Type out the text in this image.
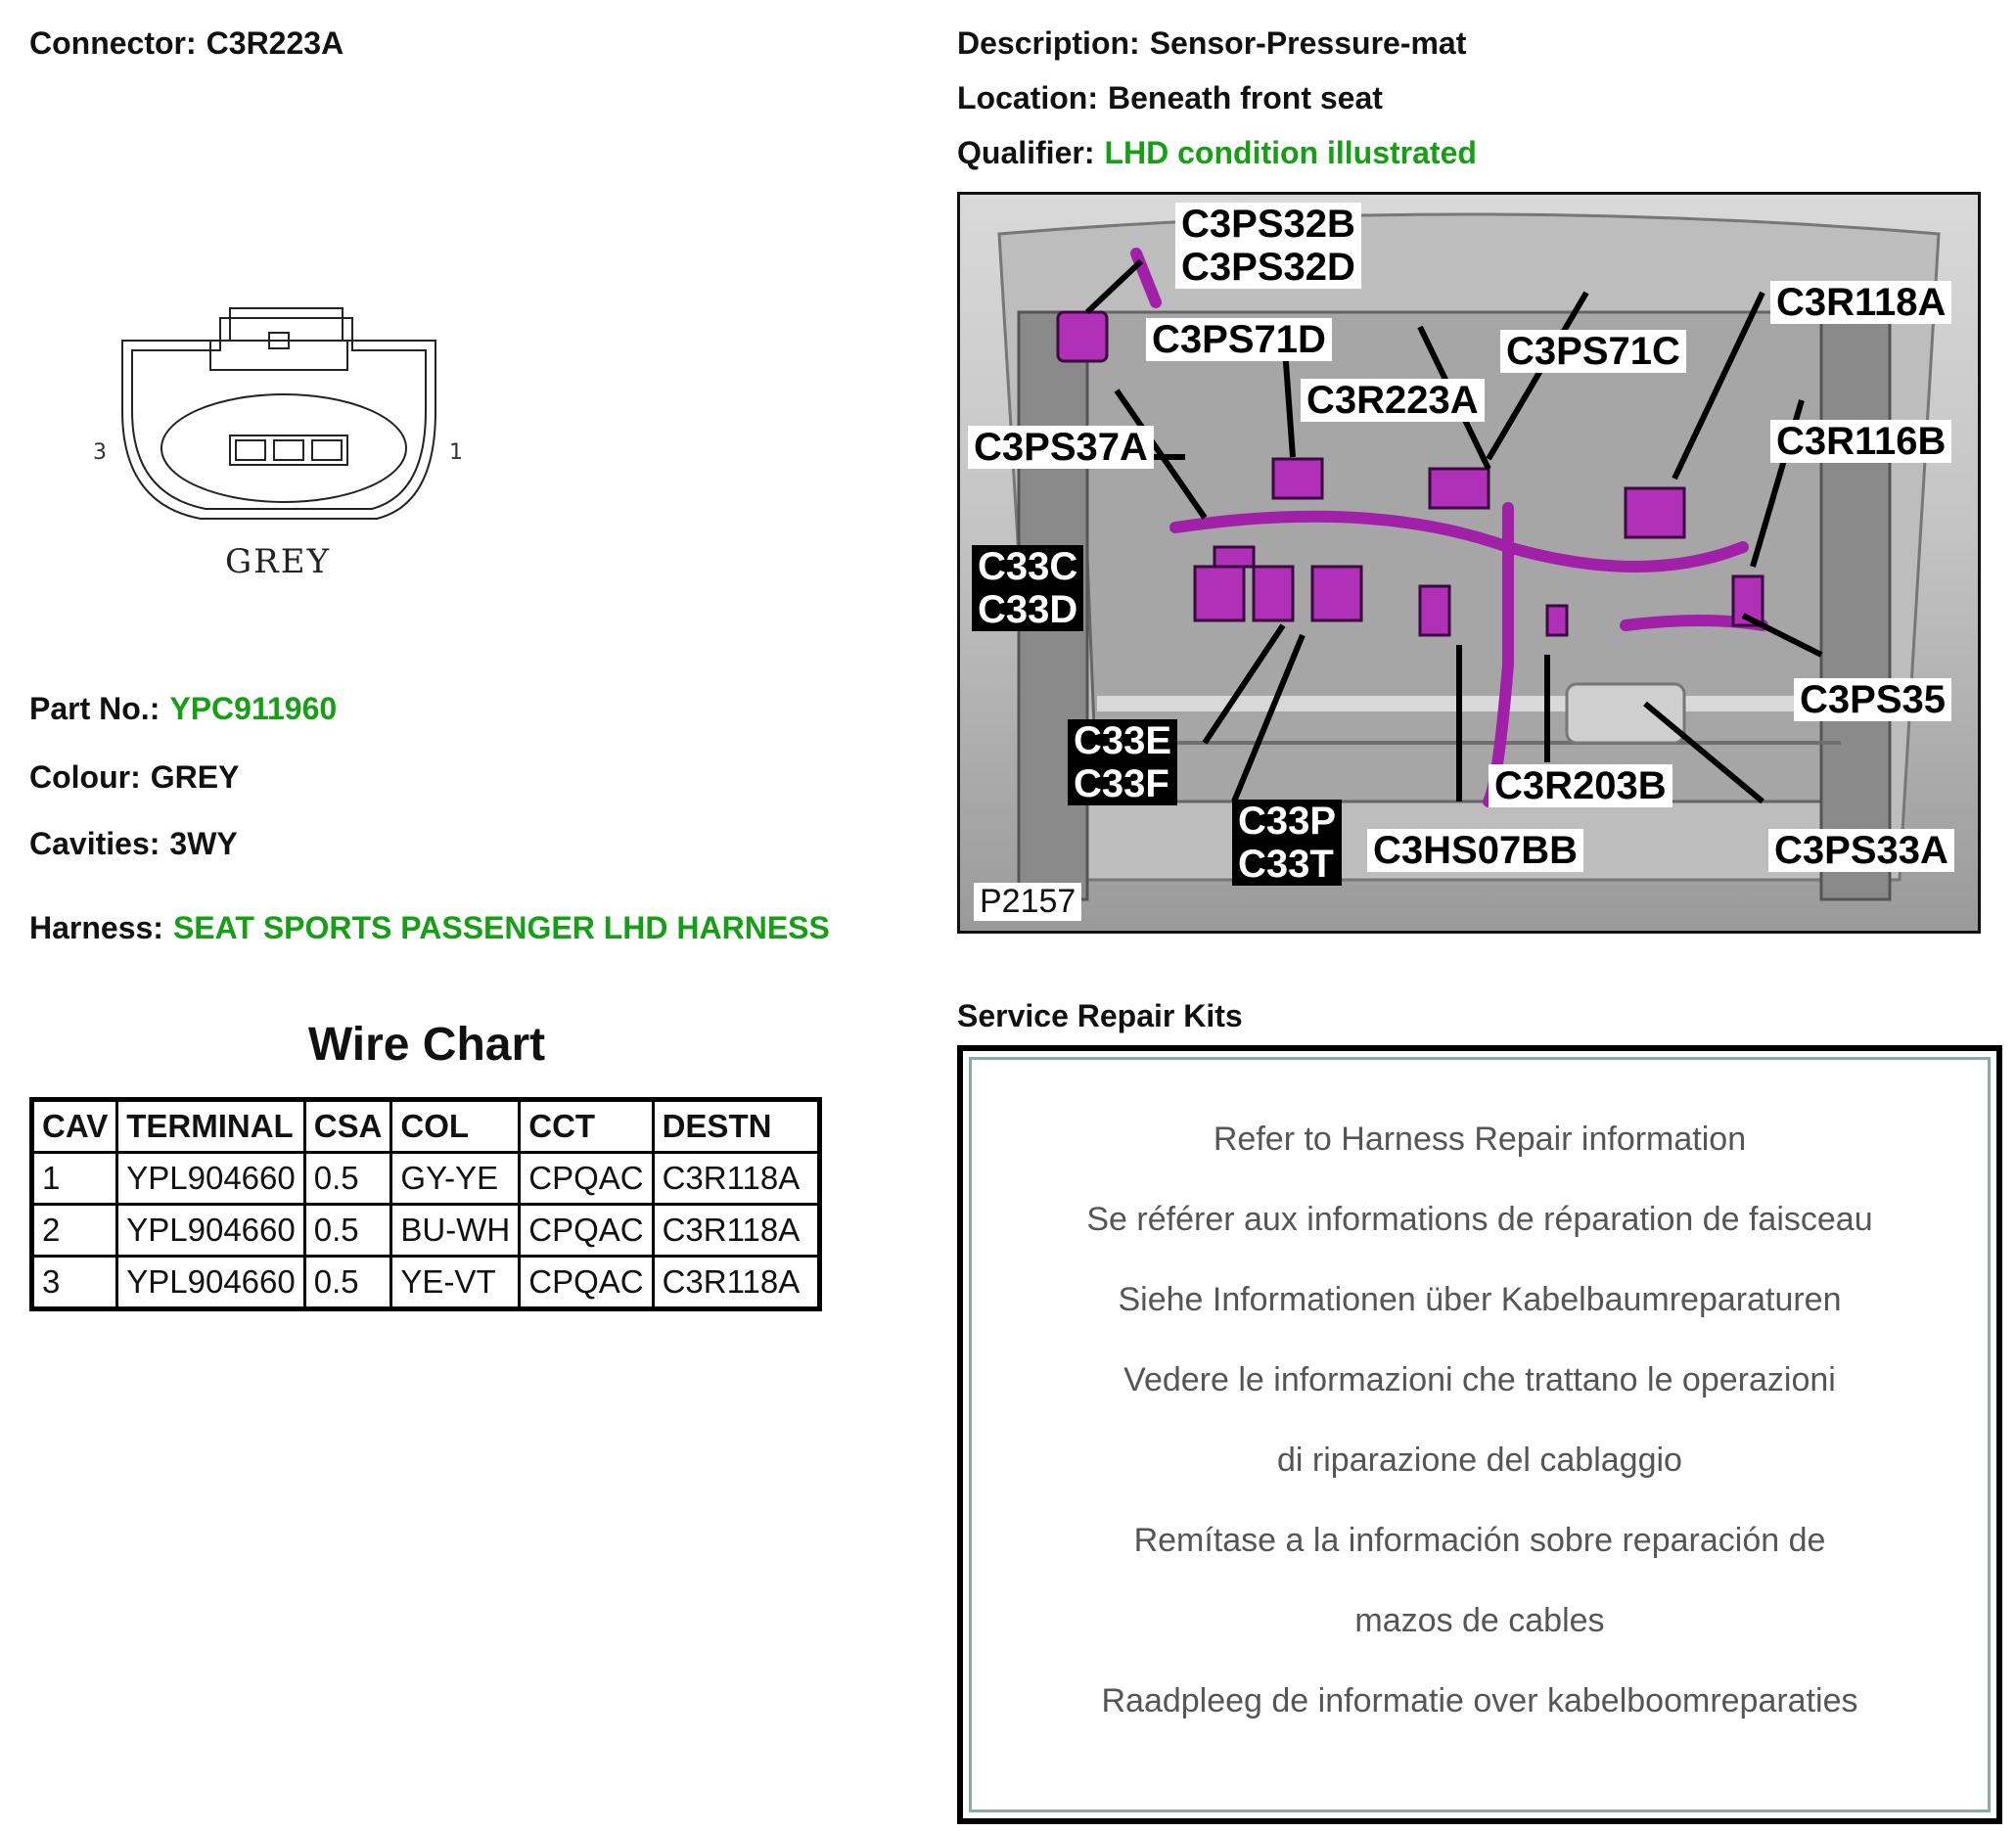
Connector: C3R223A	Description: Sensor-Pressure-mat
Location: Beneath front seat
Qualifier: LHD condition illustrated
3	1
GREY
Part No.: YPC911960
Colour: GREY
Cavities: 3WY
Harness: SEAT SPORTS PASSENGER LHD HARNESS
Wire Chart
CAV	TERMINAL	CSA	COL	CCT	DESTN
1	YPL904660	0.5	GY-YE	CPQAC	C3R118A
2	YPL904660	0.5	BU-WH	CPQAC	C3R118A
3	YPL904660	0.5	YE-VT	CPQAC	C3R118A
C3PS32B
C3PS32D
C3PS71D	C3PS71C
C3R118A
C3R223A
C3PS37A	C3R116B
C33C
C33D
C3PS35
C33E
C33F	C3R203B
C33P
C33T C3HS07BB	C3PS33A
P2157
Service Repair Kits
Refer to Harness Repair information
Se référer aux informations de réparation de faisceau
Siehe Informationen über Kabelbaumreparaturen
Vedere le informazioni che trattano le operazioni
di riparazione del cablaggio
Remítase a la información sobre reparación de
mazos de cables
Raadpleeg de informatie over kabelboomreparaties
